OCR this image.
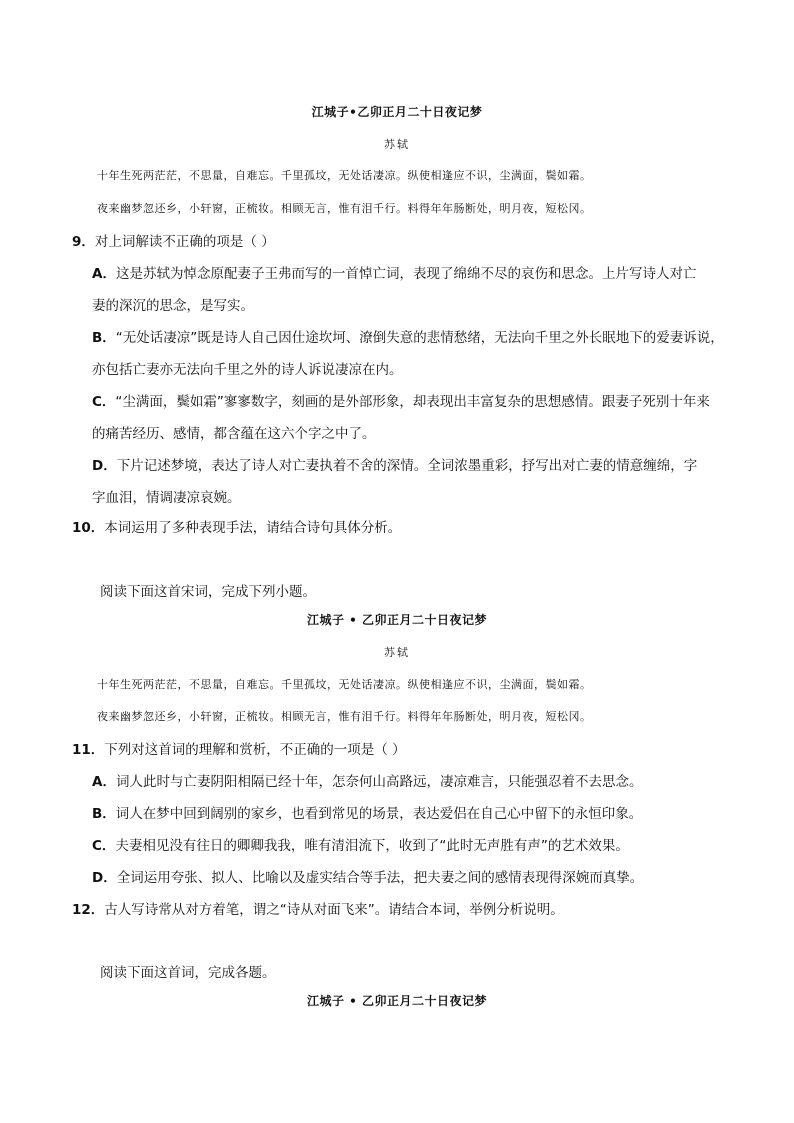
江城子•乙卯正月二十日夜记梦
苏轼
十年生死两茫茫，不思量，自难忘。千里孤坟，无处话凄凉。纵使相逢应不识，尘满面，鬓如霜。
夜来幽梦忽还乡，小轩窗，正梳妆。相顾无言，惟有泪千行。料得年年肠断处，明月夜，短松冈。
9．对上词解读不正确的项是（ ）
A．这是苏轼为悼念原配妻子王弗而写的一首悼亡词，表现了绵绵不尽的哀伤和思念。上片写诗人对亡
妻的深沉的思念，是写实。
B．“无处话凄凉”既是诗人自己因仕途坎坷、潦倒失意的悲情愁绪，无法向千里之外长眠地下的爱妻诉说，
亦包括亡妻亦无法向千里之外的诗人诉说凄凉在内。
C．“尘满面，鬓如霜”寥寥数字，刻画的是外部形象，却表现出丰富复杂的思想感情。跟妻子死别十年来
的痛苦经历、感情，都含蕴在这六个字之中了。
D．下片记述梦境，表达了诗人对亡妻执着不舍的深情。全词浓墨重彩，抒写出对亡妻的情意缠绵，字
字血泪，情调凄凉哀婉。
10．本词运用了多种表现手法，请结合诗句具体分析。
阅读下面这首宋词，完成下列小题。
江城子 • 乙卯正月二十日夜记梦
苏轼
十年生死两茫茫，不思量，自难忘。千里孤坟，无处话凄凉。纵使相逢应不识，尘满面，鬓如霜。
夜来幽梦忽还乡，小轩窗，正梳妆。相顾无言，惟有泪千行。料得年年肠断处，明月夜，短松冈。
11．下列对这首词的理解和赏析，不正确的一项是（ ）
A．词人此时与亡妻阴阳相隔已经十年，怎奈何山高路远，凄凉难言，只能强忍着不去思念。
B．词人在梦中回到阔别的家乡，也看到常见的场景，表达爱侣在自己心中留下的永恒印象。
C．夫妻相见没有往日的卿卿我我，唯有清泪流下，收到了“此时无声胜有声”的艺术效果。
D．全词运用夸张、拟人、比喻以及虚实结合等手法，把夫妻之间的感情表现得深婉而真挚。
12．古人写诗常从对方着笔，谓之“诗从对面飞来”。请结合本词，举例分析说明。
阅读下面这首词，完成各题。
江城子 • 乙卯正月二十日夜记梦
